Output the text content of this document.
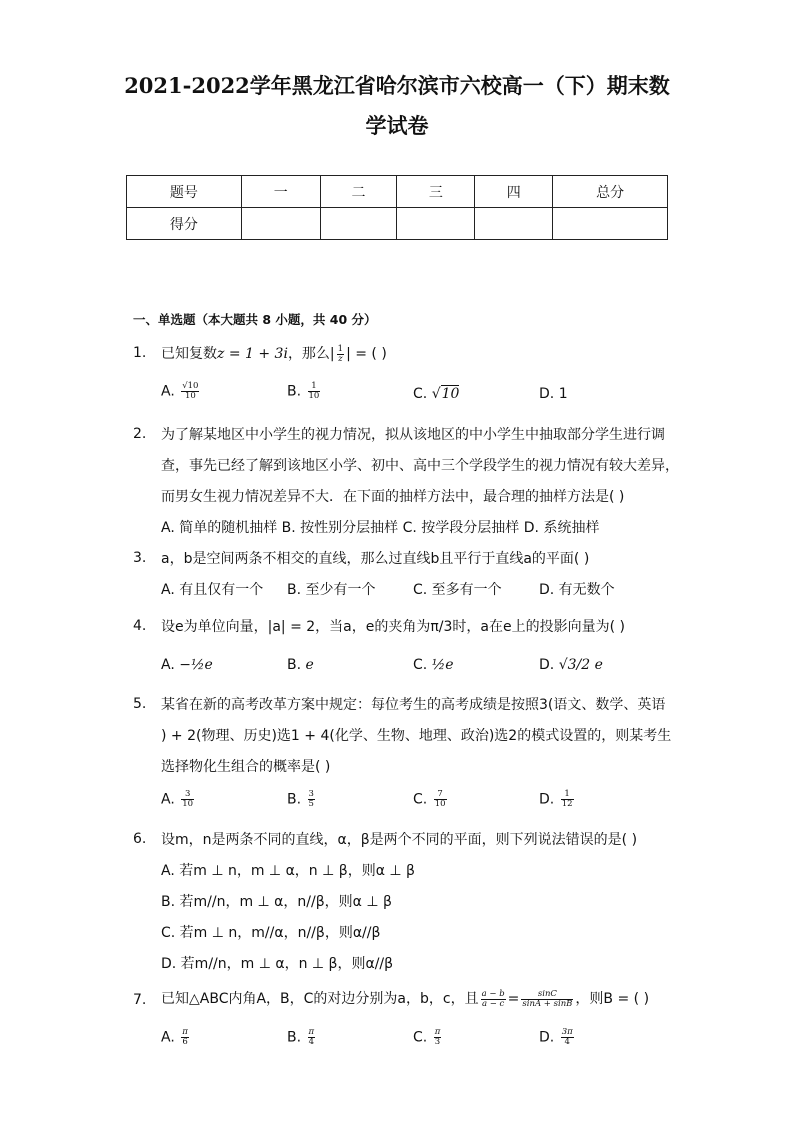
2021-2022学年黑龙江省哈尔滨市六校高一（下）期末数
学试卷
题号	一	二	三	四	总分
得分					
一、单选题（本大题共 8 小题，共 40 分）
1. 已知复数z = 1 + 3i，那么| $\frac{1}{z}$ | = ( )
A. $\frac{√10}{10}$	B. $\frac{1}{10}$	C. √10	D. 1
2. 为了解某地区中小学生的视力情况，拟从该地区的中小学生中抽取部分学生进行调
查，事先已经了解到该地区小学、初中、高中三个学段学生的视力情况有较大差异，
而男女生视力情况差异不大．在下面的抽样方法中，最合理的抽样方法是( )
A. 简单的随机抽样 B. 按性别分层抽样 C. 按学段分层抽样 D. 系统抽样
3. a，b是空间两条不相交的直线，那么过直线b且平行于直线a的平面( )
A. 有且仅有一个 B. 至少有一个	C. 至多有一个	D. 有无数个
4. 设e为单位向量，|a| = 2，当a，e的夹角为π/3时，a在e上的投影向量为( )
A. −½e	B. e	C. ½e	D. √3/2 e
5. 某省在新的高考改革方案中规定：每位考生的高考成绩是按照3(语文、数学、英语
) + 2(物理、历史)选1 + 4(化学、生物、地理、政治)选2的模式设置的，则某考生
选择物化生组合的概率是( )
A. $\frac{3}{10}$	B. $\frac{3}{5}$	C. $\frac{7}{10}$	D. $\frac{1}{12}$
6. 设m，n是两条不同的直线，α，β是两个不同的平面，则下列说法错误的是( )
A. 若m ⊥ n，m ⊥ α，n ⊥ β，则α ⊥ β
B. 若m//n，m ⊥ α，n//β，则α ⊥ β
C. 若m ⊥ n，m//α，n//β，则α//β
D. 若m//n，m ⊥ α，n ⊥ β，则α//β
7. 已知△ABC内角A，B，C的对边分别为a，b，c，且 $\frac{a - b}{a - c} = \frac{\sin C}{\sin A + \sin B}$ ，则B = ( )
A. $\frac{\pi}{6}$	B. $\frac{\pi}{4}$	C. $\frac{\pi}{3}$	D. $\frac{3\pi}{4}$
